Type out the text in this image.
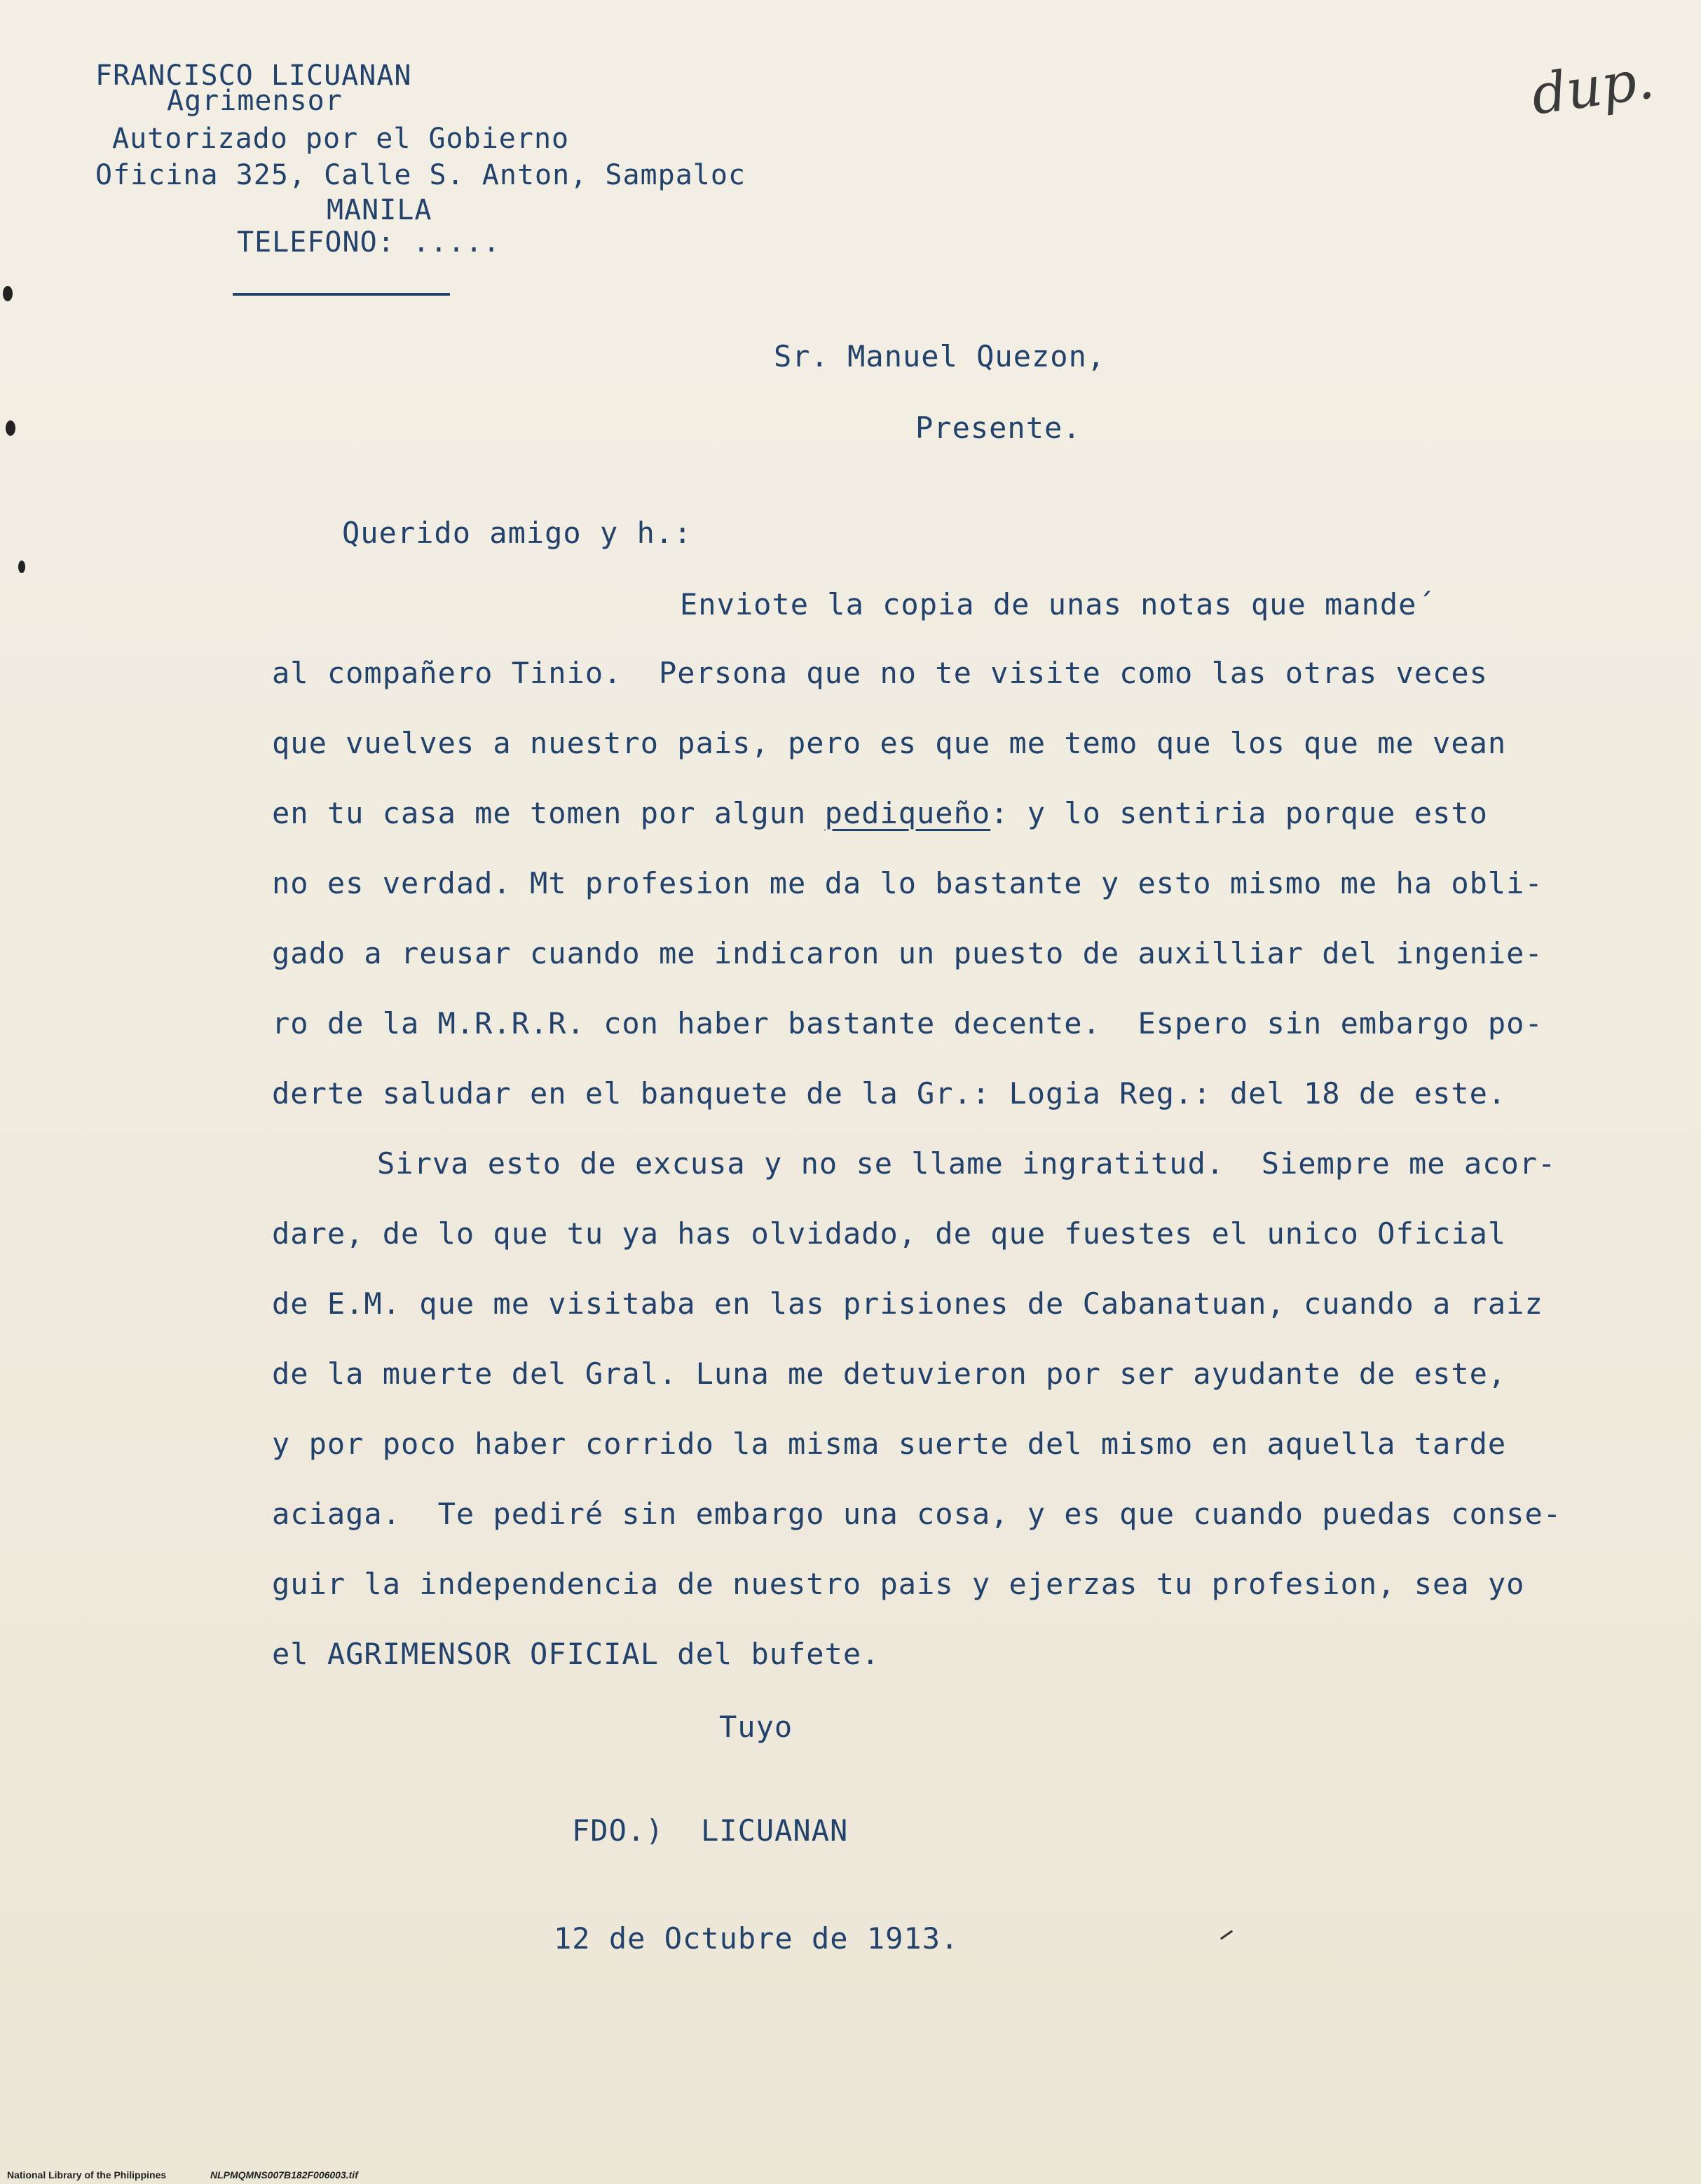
FRANCISCO LICUANAN
Agrimensor
Autorizado por el Gobierno
Oficina 325, Calle S. Anton, Sampaloc
MANILA
TELEFONO: .....
dup.
Sr. Manuel Quezon,
Presente.
Querido amigo y h.:
Enviote la copia de unas notas que mande´
al compañero Tinio.  Persona que no te visite como las otras veces
que vuelves a nuestro pais, pero es que me temo que los que me vean
en tu casa me tomen por algun pediqueño: y lo sentiria porque esto
no es verdad. Mt profesion me da lo bastante y esto mismo me ha obli-
gado a reusar cuando me indicaron un puesto de auxilliar del ingenie-
ro de la M.R.R.R. con haber bastante decente.  Espero sin embargo po-
derte saludar en el banquete de la Gr.: Logia Reg.: del 18 de este.
Sirva esto de excusa y no se llame ingratitud.  Siempre me acor-
dare, de lo que tu ya has olvidado, de que fuestes el unico Oficial
de E.M. que me visitaba en las prisiones de Cabanatuan, cuando a raiz
de la muerte del Gral. Luna me detuvieron por ser ayudante de este,
y por poco haber corrido la misma suerte del mismo en aquella tarde
aciaga.  Te pediré sin embargo una cosa, y es que cuando puedas conse-
guir la independencia de nuestro pais y ejerzas tu profesion, sea yo
el AGRIMENSOR OFICIAL del bufete.
Tuyo
FDO.)  LICUANAN
12 de Octubre de 1913.
National Library of the Philippines	NLPMQMNS007B182F006003.tif
